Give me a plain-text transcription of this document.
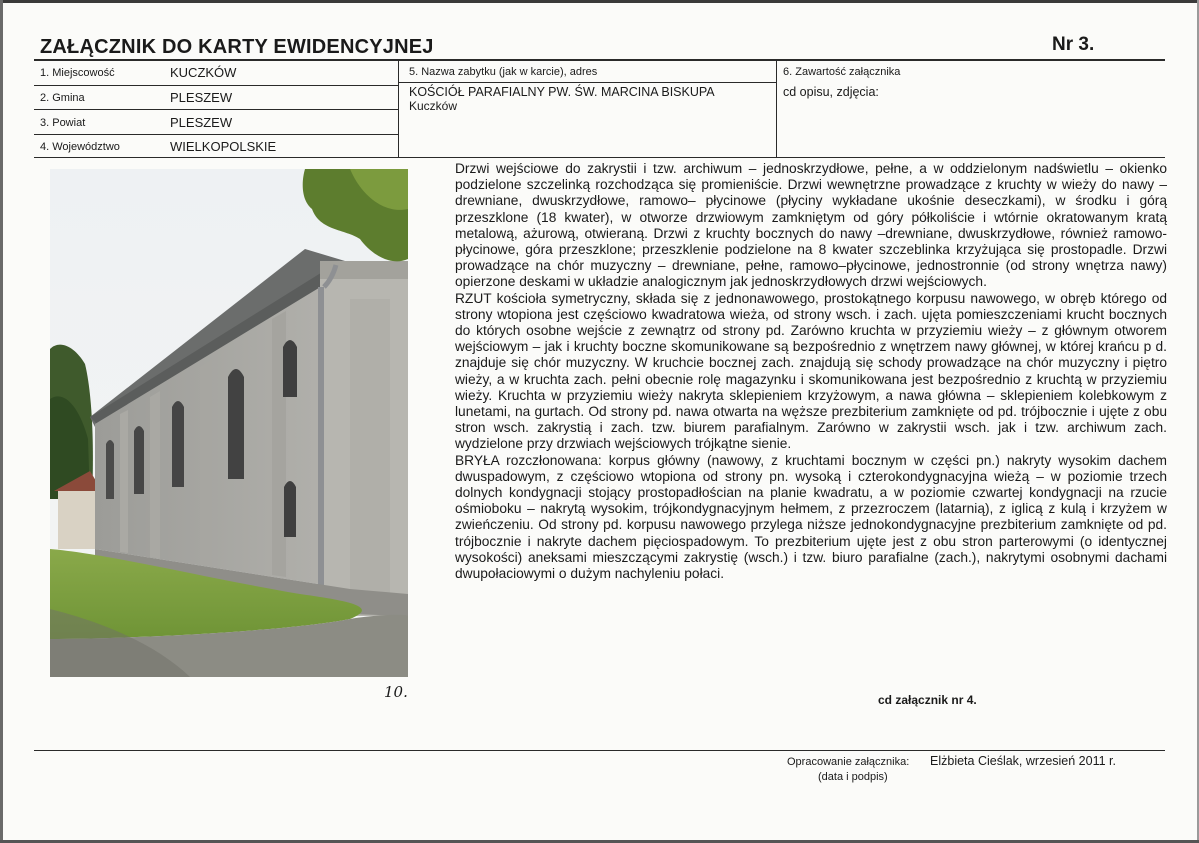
ZAŁĄCZNIK DO KARTY EWIDENCYJNEJ	Nr 3.
1. Miejscowość	KUCZKÓW
2. Gmina	PLESZEW
3. Powiat	PLESZEW
4. Województwo	WIELKOPOLSKIE
5. Nazwa zabytku (jak w karcie), adres
KOŚCIÓŁ PARAFIALNY PW. ŚW. MARCINA BISKUPA
Kuczków
6. Zawartość załącznika
cd opisu, zdjęcia:
10.

Drzwi wejściowe do zakrystii i tzw. archiwum – jednoskrzydłowe, pełne, a w oddzielonym nadświetlu – okienko podzielone szczelinką rozchodząca się promieniście. Drzwi wewnętrzne prowadzące z kruchty w wieży do nawy – drewniane, dwuskrzydłowe, ramowo– płycinowe (płyciny wykładane ukośnie deseczkami), w środku i górą przeszklone (18 kwater), w otworze drzwiowym zamkniętym od góry półkoliście i wtórnie okratowanym kratą metalową, ażurową, otwieraną. Drzwi z kruchty bocznych do nawy –drewniane, dwuskrzydłowe, również ramowo-płycinowe, góra przeszklone; przeszklenie podzielone na 8 kwater szczeblinka krzyżująca się prostopadle. Drzwi prowadzące na chór muzyczny – drewniane, pełne, ramowo–płycinowe, jednostronnie (od strony wnętrza nawy) opierzone deskami w układzie analogicznym jak jednoskrzydłowych drzwi wejściowych.

RZUT kościoła symetryczny, składa się z jednonawowego, prostokątnego korpusu nawowego, w obręb którego od strony wtopiona jest częściowo kwadratowa wieża, od strony wsch. i zach. ujęta pomieszczeniami krucht bocznych do których osobne wejście z zewnątrz od strony pd. Zarówno kruchta w przyziemiu wieży – z głównym otworem wejściowym – jak i kruchty boczne skomunikowane są bezpośrednio z wnętrzem nawy głównej, w której krańcu p d. znajduje się chór muzyczny. W kruchcie bocznej zach. znajdują się schody prowadzące na chór muzyczny i piętro wieży, a w kruchta zach. pełni obecnie rolę magazynku i skomunikowana jest bezpośrednio z kruchtą w przyziemiu wieży. Kruchta w przyziemiu wieży nakryta sklepieniem krzyżowym, a nawa główna – sklepieniem kolebkowym z lunetami, na gurtach. Od strony pd. nawa otwarta na węższe prezbiterium zamknięte od pd. trójbocznie i ujęte z obu stron wsch. zakrystią i zach. tzw. biurem parafialnym. Zarówno w zakrystii wsch. jak i tzw. archiwum zach. wydzielone przy drzwiach wejściowych trójkątne sienie.

BRYŁA rozczłonowana: korpus główny (nawowy, z kruchtami bocznym w części pn.) nakryty wysokim dachem dwuspadowym, z częściowo wtopiona od strony pn. wysoką i czterokondygnacyjna wieżą – w poziomie trzech dolnych kondygnacji stojący prostopadłościan na planie kwadratu, a w poziomie czwartej kondygnacji na rzucie ośmioboku – nakrytą wysokim, trójkondygnacyjnym hełmem, z przezroczem (latarnią), z iglicą z kulą i krzyżem w zwieńczeniu. Od strony pd. korpusu nawowego przylega niższe jednokondygnacyjne prezbiterium zamknięte od pd. trójbocznie i nakryte dachem pięciospadowym. To prezbiterium ujęte jest z obu stron parterowymi (o identycznej wysokości) aneksami mieszczącymi zakrystię (wsch.) i tzw. biuro parafialne (zach.), nakrytymi osobnymi dachami dwupołaciowymi o dużym nachyleniu połaci.

cd załącznik nr 4.
Opracowanie załącznika:
(data i podpis)
Elżbieta Cieślak, wrzesień 2011 r.
